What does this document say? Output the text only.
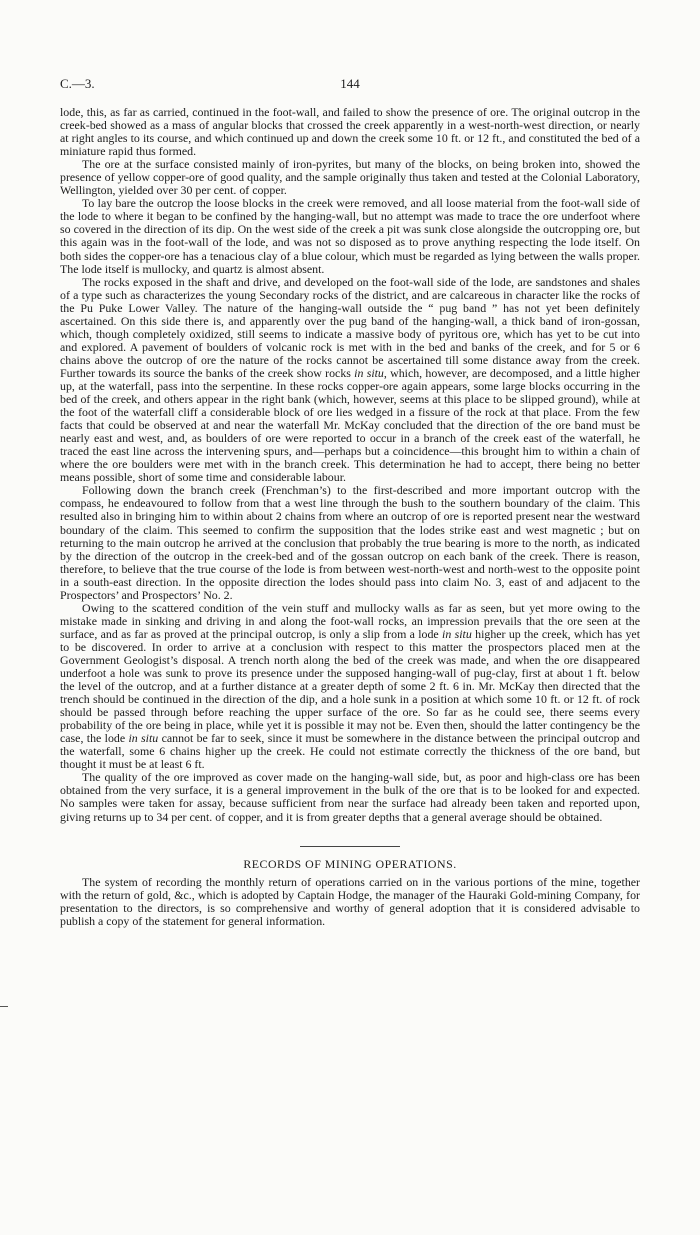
C.—3.	144

lode, this, as far as carried, continued in the foot-wall, and failed to show the presence of ore. The original outcrop in the creek-bed showed as a mass of angular blocks that crossed the creek apparently in a west-north-west direction, or nearly at right angles to its course, and which continued up and down the creek some 10 ft. or 12 ft., and constituted the bed of a miniature rapid thus formed.

The ore at the surface consisted mainly of iron-pyrites, but many of the blocks, on being broken into, showed the presence of yellow copper-ore of good quality, and the sample originally thus taken and tested at the Colonial Laboratory, Wellington, yielded over 30 per cent. of copper.

To lay bare the outcrop the loose blocks in the creek were removed, and all loose material from the foot-wall side of the lode to where it began to be confined by the hanging-wall, but no attempt was made to trace the ore underfoot where so covered in the direction of its dip. On the west side of the creek a pit was sunk close alongside the outcropping ore, but this again was in the foot-wall of the lode, and was not so disposed as to prove anything respecting the lode itself. On both sides the copper-ore has a tenacious clay of a blue colour, which must be regarded as lying between the walls proper. The lode itself is mullocky, and quartz is almost absent.

The rocks exposed in the shaft and drive, and developed on the foot-wall side of the lode, are sandstones and shales of a type such as characterizes the young Secondary rocks of the district, and are calcareous in character like the rocks of the Pu Puke Lower Valley. The nature of the hanging-wall outside the “ pug band ” has not yet been definitely ascertained. On this side there is, and apparently over the pug band of the hanging-wall, a thick band of iron-gossan, which, though completely oxidized, still seems to indicate a massive body of pyritous ore, which has yet to be cut into and explored. A pavement of boulders of volcanic rock is met with in the bed and banks of the creek, and for 5 or 6 chains above the outcrop of ore the nature of the rocks cannot be ascertained till some distance away from the creek. Further towards its source the banks of the creek show rocks in situ, which, however, are decomposed, and a little higher up, at the waterfall, pass into the serpentine. In these rocks copper-ore again appears, some large blocks occurring in the bed of the creek, and others appear in the right bank (which, however, seems at this place to be slipped ground), while at the foot of the waterfall cliff a considerable block of ore lies wedged in a fissure of the rock at that place. From the few facts that could be observed at and near the waterfall Mr. McKay concluded that the direction of the ore band must be nearly east and west, and, as boulders of ore were reported to occur in a branch of the creek east of the waterfall, he traced the east line across the intervening spurs, and—perhaps but a coincidence—this brought him to within a chain of where the ore boulders were met with in the branch creek. This determination he had to accept, there being no better means possible, short of some time and considerable labour.

Following down the branch creek (Frenchman’s) to the first-described and more important outcrop with the compass, he endeavoured to follow from that a west line through the bush to the southern boundary of the claim. This resulted also in bringing him to within about 2 chains from where an outcrop of ore is reported present near the westward boundary of the claim. This seemed to confirm the supposition that the lodes strike east and west magnetic ; but on returning to the main outcrop he arrived at the conclusion that probably the true bearing is more to the north, as indicated by the direction of the outcrop in the creek-bed and of the gossan outcrop on each bank of the creek. There is reason, therefore, to believe that the true course of the lode is from between west-north-west and north-west to the opposite point in a south-east direction. In the opposite direction the lodes should pass into claim No. 3, east of and adjacent to the Prospectors’ and Prospectors’ No. 2.

Owing to the scattered condition of the vein stuff and mullocky walls as far as seen, but yet more owing to the mistake made in sinking and driving in and along the foot-wall rocks, an impression prevails that the ore seen at the surface, and as far as proved at the principal outcrop, is only a slip from a lode in situ higher up the creek, which has yet to be discovered. In order to arrive at a conclusion with respect to this matter the prospectors placed men at the Government Geologist’s disposal. A trench north along the bed of the creek was made, and when the ore disappeared underfoot a hole was sunk to prove its presence under the supposed hanging-wall of pug-clay, first at about 1 ft. below the level of the outcrop, and at a further distance at a greater depth of some 2 ft. 6 in. Mr. McKay then directed that the trench should be continued in the direction of the dip, and a hole sunk in a position at which some 10 ft. or 12 ft. of rock should be passed through before reaching the upper surface of the ore. So far as he could see, there seems every probability of the ore being in place, while yet it is possible it may not be. Even then, should the latter contingency be the case, the lode in situ cannot be far to seek, since it must be somewhere in the distance between the principal outcrop and the waterfall, some 6 chains higher up the creek. He could not estimate correctly the thickness of the ore band, but thought it must be at least 6 ft.

The quality of the ore improved as cover made on the hanging-wall side, but, as poor and high-class ore has been obtained from the very surface, it is a general improvement in the bulk of the ore that is to be looked for and expected. No samples were taken for assay, because sufficient from near the surface had already been taken and reported upon, giving returns up to 34 per cent. of copper, and it is from greater depths that a general average should be obtained.

RECORDS OF MINING OPERATIONS.

The system of recording the monthly return of operations carried on in the various portions of the mine, together with the return of gold, &c., which is adopted by Captain Hodge, the manager of the Hauraki Gold-mining Company, for presentation to the directors, is so comprehensive and worthy of general adoption that it is considered advisable to publish a copy of the statement for general information.
